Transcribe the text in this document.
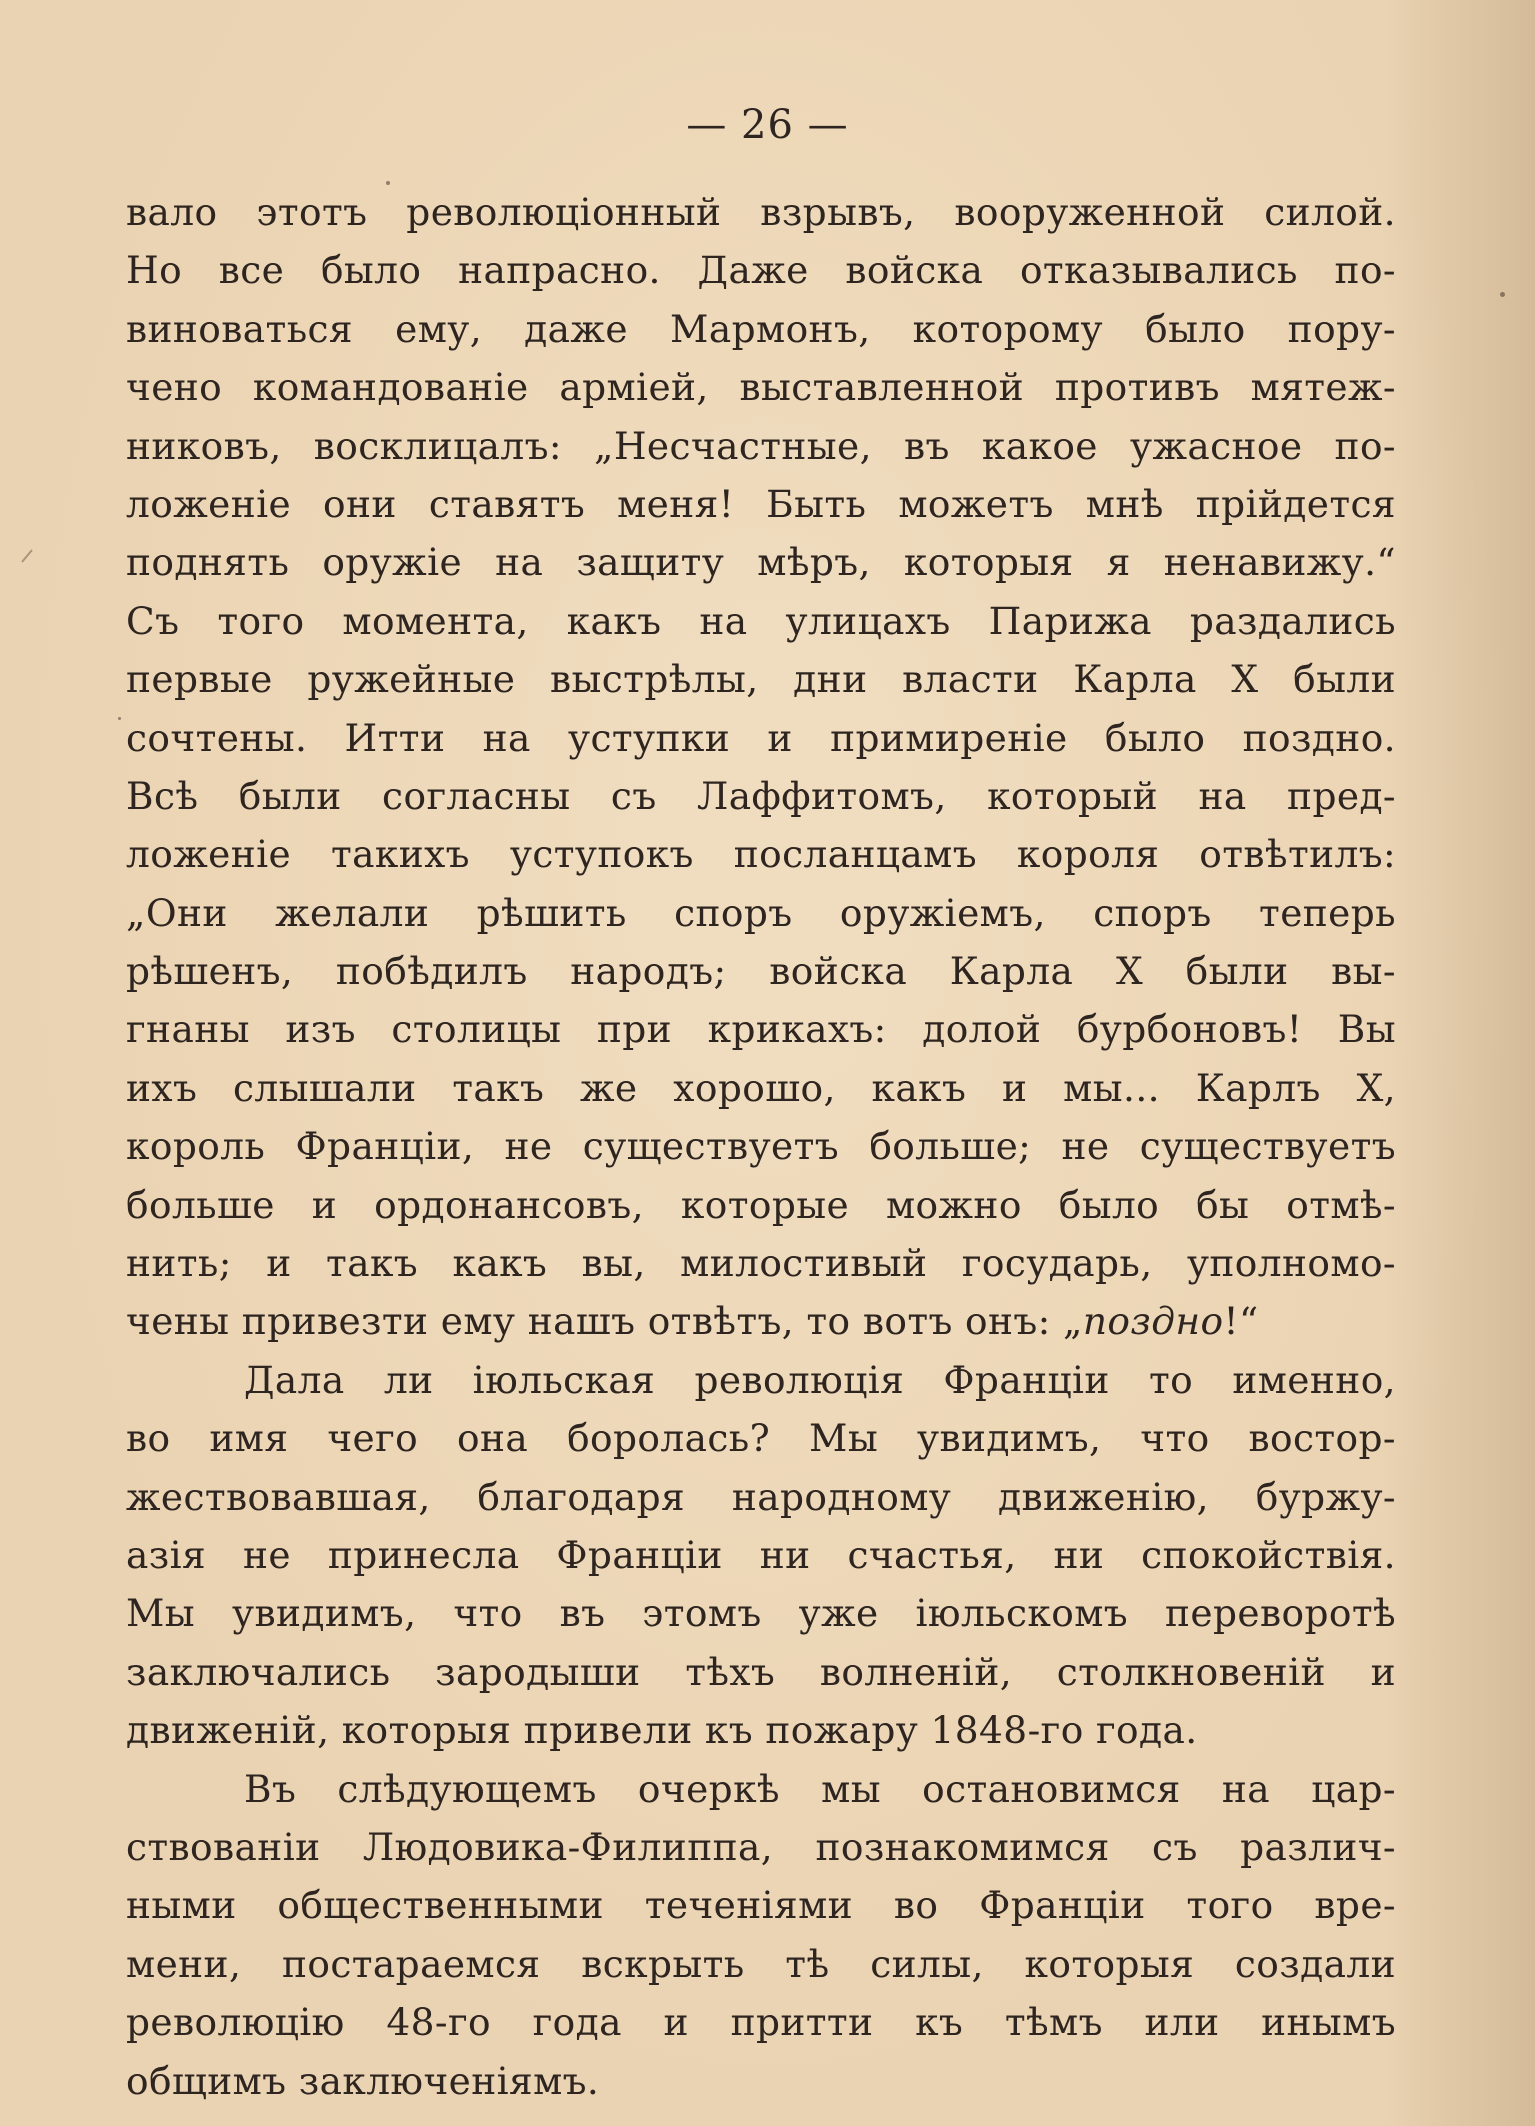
— 26 —
вало этотъ революціонный взрывъ, вооруженной силой.
Но все было напрасно. Даже войска отказывались по-
виноваться ему, даже Мармонъ, которому было пору-
чено командованіе арміей, выставленной противъ мятеж-
никовъ, восклицалъ: „Несчастные, въ какое ужасное по-
ложеніе они ставятъ меня! Быть можетъ мнѣ прійдется
поднять оружіе на защиту мѣръ, которыя я ненавижу.“
Съ того момента, какъ на улицахъ Парижа раздались
первые ружейные выстрѣлы, дни власти Карла X были
сочтены. Итти на уступки и примиреніе было поздно.
Всѣ были согласны съ Лаффитомъ, который на пред-
ложеніе такихъ уступокъ посланцамъ короля отвѣтилъ:
„Они желали рѣшить споръ оружіемъ, споръ теперь
рѣшенъ, побѣдилъ народъ; войска Карла X были вы-
гнаны изъ столицы при крикахъ: долой бурбоновъ! Вы
ихъ слышали такъ же хорошо, какъ и мы... Карлъ X,
король Франціи, не существуетъ больше; не существуетъ
больше и ордонансовъ, которые можно было бы отмѣ-
нить; и такъ какъ вы, милостивый государь, уполномо-
чены привезти ему нашъ отвѣтъ, то вотъ онъ: „поздно!“
Дала ли іюльская революція Франціи то именно,
во имя чего она боролась? Мы увидимъ, что востор-
жествовавшая, благодаря народному движенію, буржу-
азія не принесла Франціи ни счастья, ни спокойствія.
Мы увидимъ, что въ этомъ уже іюльскомъ переворотѣ
заключались зародыши тѣхъ волненій, столкновеній и
движеній, которыя привели къ пожару 1848-го года.
Въ слѣдующемъ очеркѣ мы остановимся на цар-
ствованіи Людовика-Филиппа, познакомимся съ различ-
ными общественными теченіями во Франціи того вре-
мени, постараемся вскрыть тѣ силы, которыя создали
революцію 48-го года и притти къ тѣмъ или инымъ
общимъ заключеніямъ.
